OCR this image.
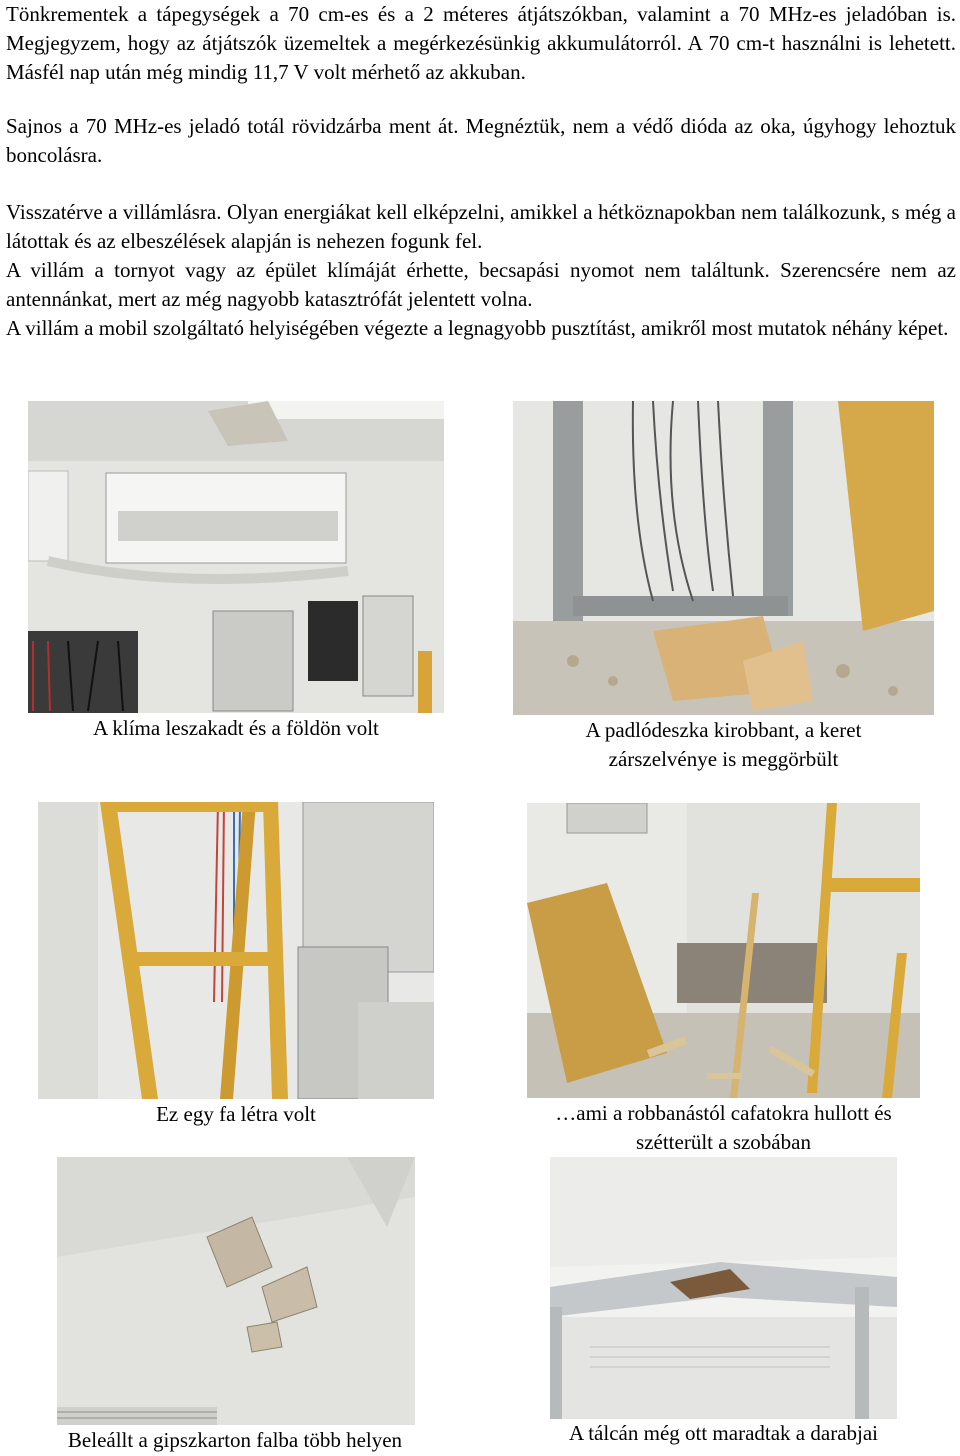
Tönkrementek a tápegységek a 70 cm-es és a 2 méteres átjátszókban, valamint a 70 MHz-es jeladóban is. Megjegyzem, hogy az átjátszók üzemeltek a megérkezésünkig akkumulátorról. A 70 cm-t használni is lehetett. Másfél nap után még mindig 11,7 V volt mérhető az akkuban.

Sajnos a 70 MHz-es jeladó totál rövidzárba ment át. Megnéztük, nem a védő dióda az oka, úgyhogy lehoztuk boncolásra.

Visszatérve a villámlásra. Olyan energiákat kell elképzelni, amikkel a hétköznapokban nem találkozunk, s még a látottak és az elbeszélések alapján is nehezen fogunk fel.

A villám a tornyot vagy az épület klímáját érhette, becsapási nyomot nem találtunk. Szerencsére nem az antennánkat, mert az még nagyobb katasztrófát jelentett volna.

A villám a mobil szolgáltató helyiségében végezte a legnagyobb pusztítást, amikről most mutatok néhány képet.

A klíma leszakadt és a földön volt	A padlódeszka kirobbant, a keret
zárszelvénye is meggörbült
Ez egy fa létra volt	…ami a robbanástól cafatokra hullott és
szétterült a szobában
Beleállt a gipszkarton falba több helyen	A tálcán még ott maradtak a darabjai
